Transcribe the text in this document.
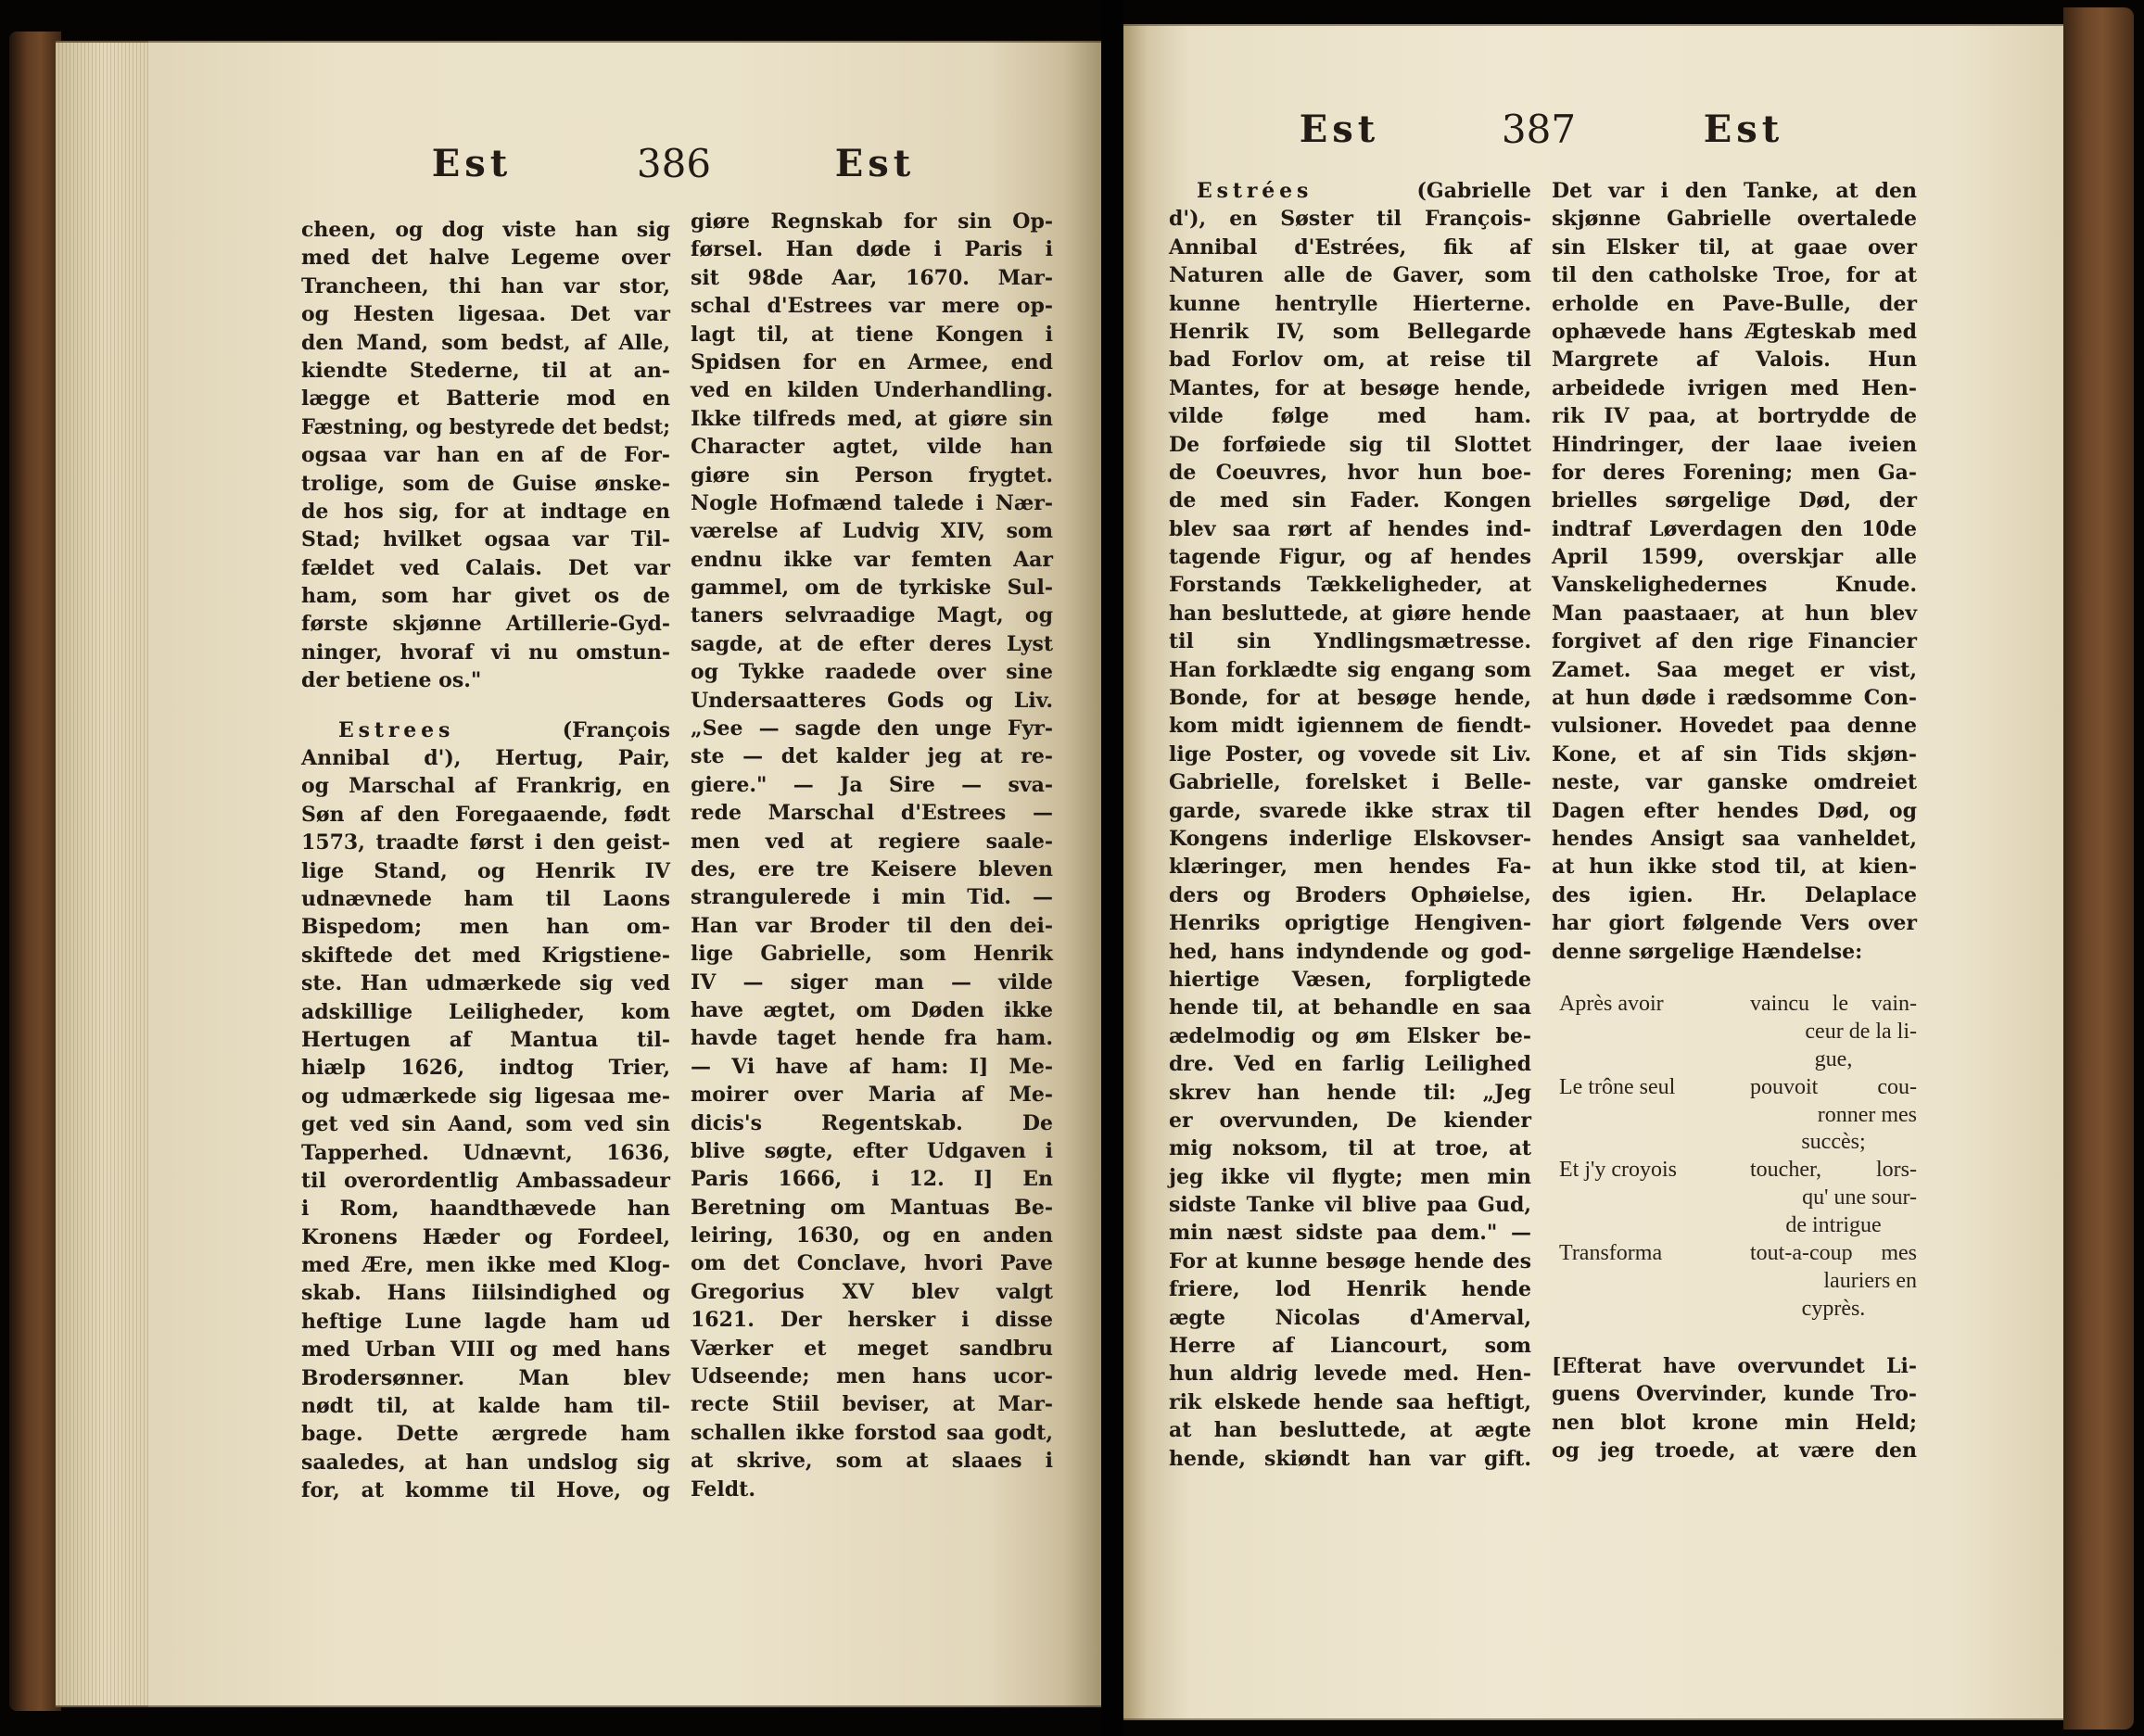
Est	386	Est
Est	387	Est
cheen, og dog viste han sig
med det halve Legeme over
Trancheen, thi han var stor,
og Hesten ligesaa. Det var
den Mand, som bedst, af Alle,
kiendte Stederne, til at an-
lægge et Batterie mod en
Fæstning, og bestyrede det bedst;
ogsaa var han en af de For-
trolige, som de Guise ønske-
de hos sig, for at indtage en
Stad; hvilket ogsaa var Til-
fældet ved Calais. Det var
ham, som har givet os de
første skjønne Artillerie-Gyd-
ninger, hvoraf vi nu omstun-
der betiene os."
Estrees	(François
Annibal d'), Hertug, Pair,
og Marschal af Frankrig, en
Søn af den Foregaaende, født
1573, traadte først i den geist-
lige Stand, og Henrik IV
udnævnede ham til Laons
Bispedom; men han om-
skiftede det med Krigstiene-
ste. Han udmærkede sig ved
adskillige Leiligheder, kom
Hertugen af Mantua til-
hiælp 1626, indtog Trier,
og udmærkede sig ligesaa me-
get ved sin Aand, som ved sin
Tapperhed. Udnævnt, 1636,
til overordentlig Ambassadeur
i Rom, haandthævede han
Kronens Hæder og Fordeel,
med Ære, men ikke med Klog-
skab. Hans Iiilsindighed og
heftige Lune lagde ham ud
med Urban VIII og med hans
Brodersønner. Man blev
nødt til, at kalde ham til-
bage. Dette ærgrede ham
saaledes, at han undslog sig
for, at komme til Hove, og
giøre Regnskab for sin Op-
førsel. Han døde i Paris i
sit 98de Aar, 1670. Mar-
schal d'Estrees var mere op-
lagt til, at tiene Kongen i
Spidsen for en Armee, end
ved en kilden Underhandling.
Ikke tilfreds med, at giøre sin
Character agtet, vilde han
giøre sin Person frygtet.
Nogle Hofmænd talede i Nær-
værelse af Ludvig XIV, som
endnu ikke var femten Aar
gammel, om de tyrkiske Sul-
taners selvraadige Magt, og
sagde, at de efter deres Lyst
og Tykke raadede over sine
Undersaatteres Gods og Liv.
„See — sagde den unge Fyr-
ste — det kalder jeg at re-
giere." — Ja Sire — sva-
rede Marschal d'Estrees —
men ved at regiere saale-
des, ere tre Keisere bleven
strangulerede i min Tid. —
Han var Broder til den dei-
lige Gabrielle, som Henrik
IV — siger man — vilde
have ægtet, om Døden ikke
havde taget hende fra ham.
— Vi have af ham: I] Me-
moirer over Maria af Me-
dicis's Regentskab. De
blive søgte, efter Udgaven i
Paris 1666, i 12. I] En
Beretning om Mantuas Be-
leiring, 1630, og en anden
om det Conclave, hvori Pave
Gregorius XV blev valgt
1621. Der hersker i disse
Værker et meget sandbru
Udseende; men hans ucor-
recte Stiil beviser, at Mar-
schallen ikke forstod saa godt,
at skrive, som at slaaes i
Feldt.
Estrées	(Gabrielle
d'), en Søster til François-
Annibal d'Estrées, fik af
Naturen alle de Gaver, som
kunne hentrylle Hierterne.
Henrik IV, som Bellegarde
bad Forlov om, at reise til
Mantes, for at besøge hende,
vilde følge med ham.
De forføiede sig til Slottet
de Coeuvres, hvor hun boe-
de med sin Fader. Kongen
blev saa rørt af hendes ind-
tagende Figur, og af hendes
Forstands Tækkeligheder, at
han besluttede, at giøre hende
til sin Yndlingsmætresse.
Han forklædte sig engang som
Bonde, for at besøge hende,
kom midt igiennem de fiendt-
lige Poster, og vovede sit Liv.
Gabrielle, forelsket i Belle-
garde, svarede ikke strax til
Kongens inderlige Elskovser-
klæringer, men hendes Fa-
ders og Broders Ophøielse,
Henriks oprigtige Hengiven-
hed, hans indyndende og god-
hiertige Væsen, forpligtede
hende til, at behandle en saa
ædelmodig og øm Elsker be-
dre. Ved en farlig Leilighed
skrev han hende til: „Jeg
er overvunden, De kiender
mig noksom, til at troe, at
jeg ikke vil flygte; men min
sidste Tanke vil blive paa Gud,
min næst sidste paa dem." —
For at kunne besøge hende des
friere, lod Henrik hende
ægte Nicolas d'Amerval,
Herre af Liancourt, som
hun aldrig levede med. Hen-
rik elskede hende saa heftigt,
at han besluttede, at ægte
hende, skiøndt han var gift.
Det var i den Tanke, at den
skjønne Gabrielle overtalede
sin Elsker til, at gaae over
til den catholske Troe, for at
erholde en Pave-Bulle, der
ophævede hans Ægteskab med
Margrete af Valois. Hun
arbeidede ivrigen med Hen-
rik IV paa, at bortrydde de
Hindringer, der laae iveien
for deres Forening; men Ga-
brielles sørgelige Død, der
indtraf Løverdagen den 10de
April 1599, overskjar alle
Vanskelighedernes Knude.
Man paastaaer, at hun blev
forgivet af den rige Financier
Zamet. Saa meget er vist,
at hun døde i rædsomme Con-
vulsioner. Hovedet paa denne
Kone, et af sin Tids skjøn-
neste, var ganske omdreiet
Dagen efter hendes Død, og
hendes Ansigt saa vanheldet,
at hun ikke stod til, at kien-
des igien. Hr. Delaplace
har giort følgende Vers over
denne sørgelige Hændelse:
Après avoir	vaincu le vain-
ceur de la li-
gue,
Le trône seul	pouvoit cou-
ronner mes
succès;
Et j'y croyois	toucher, lors-
qu' une sour-
de intrigue
Transforma	tout-a-coup mes
lauriers en
cyprès.
[Efterat have overvundet Li-
guens Overvinder, kunde Tro-
nen blot krone min Held;
og jeg troede, at være den
